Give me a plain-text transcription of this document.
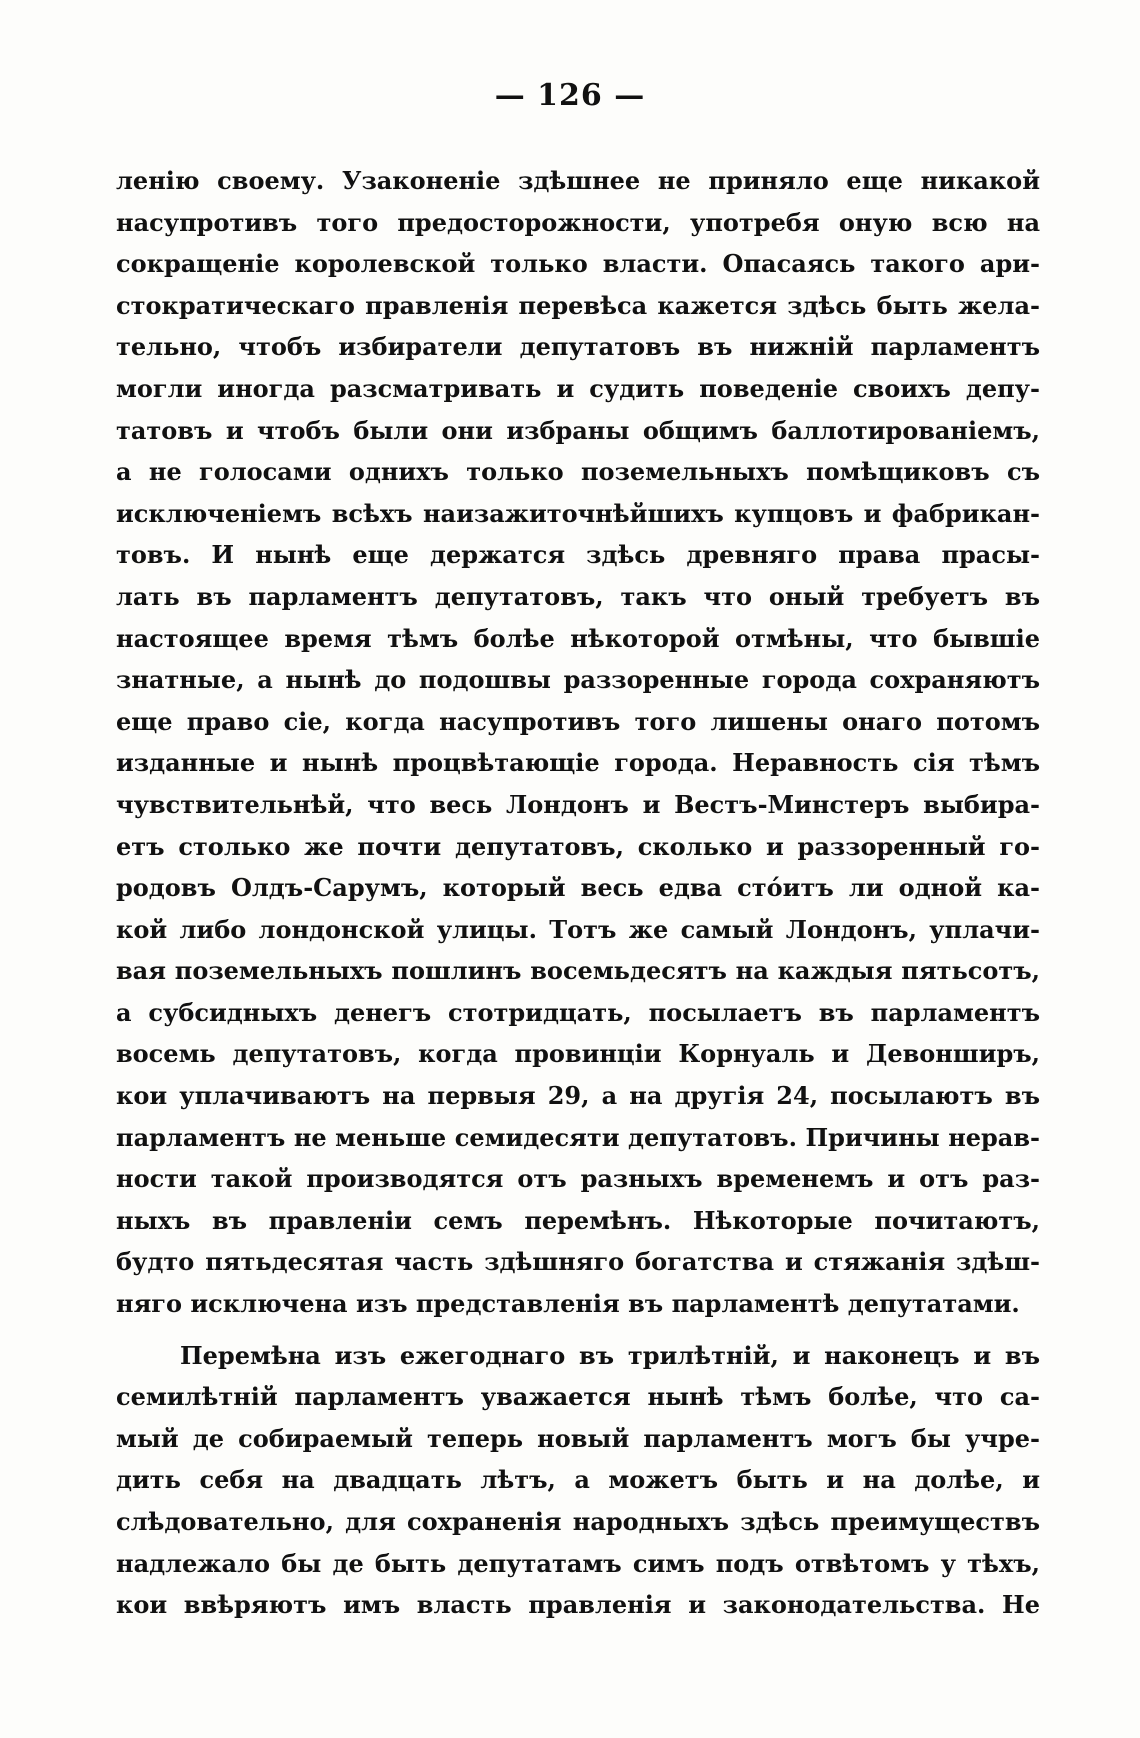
— 126 —
ленію своему. Узаконеніе здѣшнее не приняло еще никакой
насупротивъ того предосторожности, употребя оную всю на
сокращеніе королевской только власти. Опасаясь такого ари-
стократическаго правленія перевѣса кажется здѣсь быть жела-
тельно, чтобъ избиратели депутатовъ въ нижній парламентъ
могли иногда разсматривать и судить поведеніе своихъ депу-
татовъ и чтобъ были они избраны общимъ баллотированіемъ,
а не голосами однихъ только поземельныхъ помѣщиковъ съ
исключеніемъ всѣхъ наизажиточнѣйшихъ купцовъ и фабрикан-
товъ. И нынѣ еще держатся здѣсь древняго права прасы-
лать въ парламентъ депутатовъ, такъ что оный требуетъ въ
настоящее время тѣмъ болѣе нѣкоторой отмѣны, что бывшіе
знатные, а нынѣ до подошвы раззоренные города сохраняютъ
еще право сіе, когда насупротивъ того лишены онаго потомъ
изданные и нынѣ процвѣтающіе города. Неравность сія тѣмъ
чувствительнѣй, что весь Лондонъ и Вестъ-Минстеръ выбира-
етъ столько же почти депутатовъ, сколько и раззоренный го-
родовъ Олдъ-Сарумъ, который весь едва стóитъ ли одной ка-
кой либо лондонской улицы. Тотъ же самый Лондонъ, уплачи-
вая поземельныхъ пошлинъ восемьдесятъ на каждыя пятьсотъ,
а субсидныхъ денегъ стотридцать, посылаетъ въ парламентъ
восемь депутатовъ, когда провинціи Корнуаль и Девонширъ,
кои уплачиваютъ на первыя 29, а на другія 24, посылаютъ въ
парламентъ не меньше семидесяти депутатовъ. Причины нерав-
ности такой производятся отъ разныхъ временемъ и отъ раз-
ныхъ въ правленіи семъ перемѣнъ. Нѣкоторые почитаютъ,
будто пятьдесятая часть здѣшняго богатства и стяжанія здѣш-
няго исключена изъ представленія въ парламентѣ депутатами.
Перемѣна изъ ежегоднаго въ трилѣтній, и наконецъ и въ
семилѣтній парламентъ уважается нынѣ тѣмъ болѣе, что са-
мый де собираемый теперь новый парламентъ могъ бы учре-
дить себя на двадцать лѣтъ, а можетъ быть и на долѣе, и
слѣдовательно, для сохраненія народныхъ здѣсь преимуществъ
надлежало бы де быть депутатамъ симъ подъ отвѣтомъ у тѣхъ,
кои ввѣряютъ имъ власть правленія и законодательства. Не
